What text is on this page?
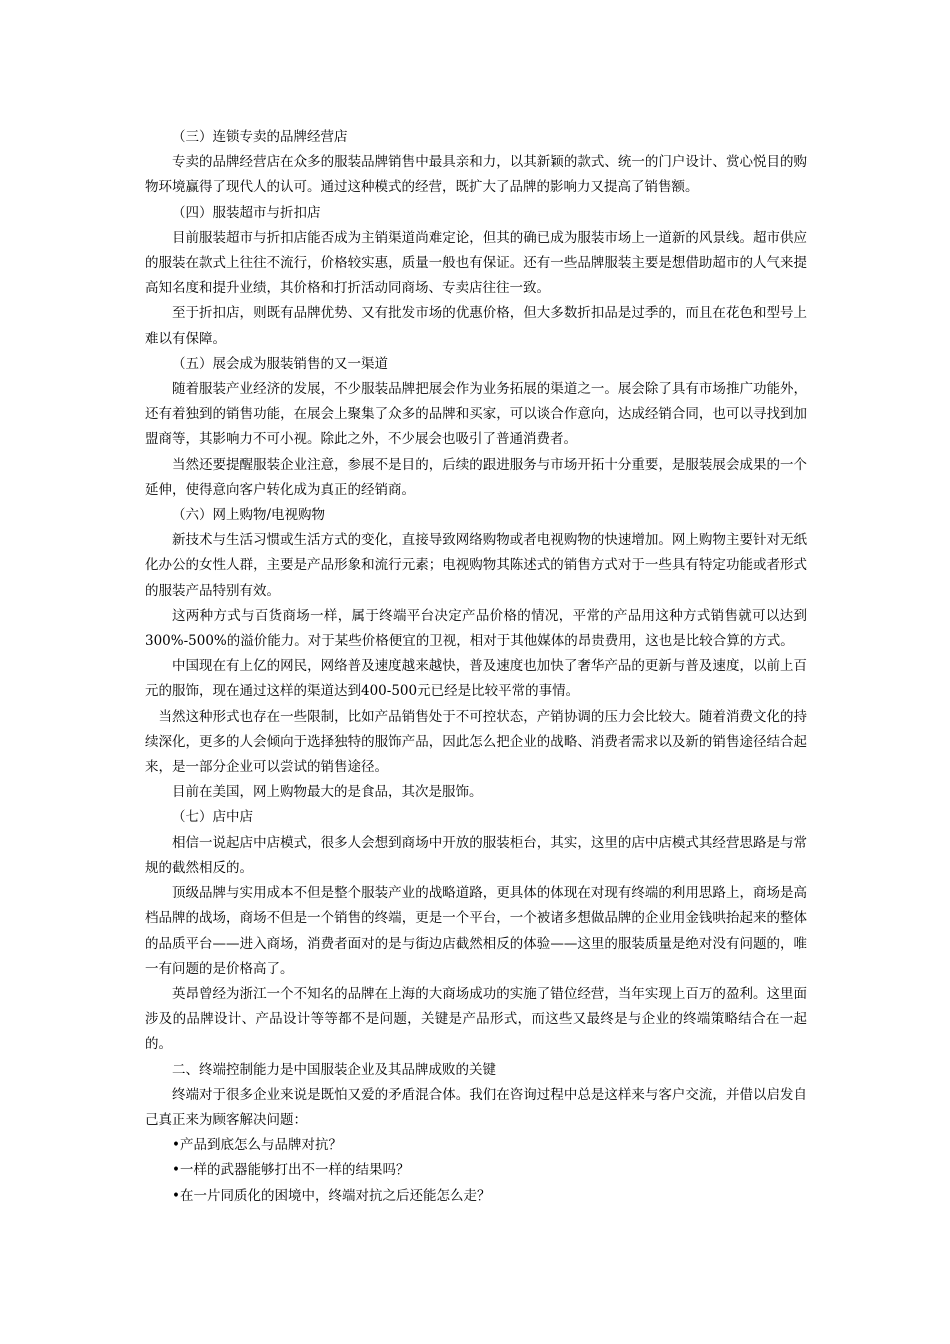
（三）连锁专卖的品牌经营店

专卖的品牌经营店在众多的服装品牌销售中最具亲和力，以其新颖的款式、统一的门户设计、赏心悦目的购物环境赢得了现代人的认可。通过这种模式的经营，既扩大了品牌的影响力又提高了销售额。

（四）服装超市与折扣店

目前服装超市与折扣店能否成为主销渠道尚难定论，但其的确已成为服装市场上一道新的风景线。超市供应的服装在款式上往往不流行，价格较实惠，质量一般也有保证。还有一些品牌服装主要是想借助超市的人气来提高知名度和提升业绩，其价格和打折活动同商场、专卖店往往一致。

至于折扣店，则既有品牌优势、又有批发市场的优惠价格，但大多数折扣品是过季的，而且在花色和型号上难以有保障。

（五）展会成为服装销售的又一渠道

随着服装产业经济的发展，不少服装品牌把展会作为业务拓展的渠道之一。展会除了具有市场推广功能外，还有着独到的销售功能，在展会上聚集了众多的品牌和买家，可以谈合作意向，达成经销合同，也可以寻找到加盟商等，其影响力不可小视。除此之外，不少展会也吸引了普通消费者。

当然还要提醒服装企业注意，参展不是目的，后续的跟进服务与市场开拓十分重要，是服装展会成果的一个延伸，使得意向客户转化成为真正的经销商。

（六）网上购物/电视购物

新技术与生活习惯或生活方式的变化，直接导致网络购物或者电视购物的快速增加。网上购物主要针对无纸化办公的女性人群，主要是产品形象和流行元素；电视购物其陈述式的销售方式对于一些具有特定功能或者形式的服装产品特别有效。

这两种方式与百货商场一样，属于终端平台决定产品价格的情况，平常的产品用这种方式销售就可以达到300%-500%的溢价能力。对于某些价格便宜的卫视，相对于其他媒体的昂贵费用，这也是比较合算的方式。

中国现在有上亿的网民，网络普及速度越来越快，普及速度也加快了奢华产品的更新与普及速度，以前上百元的服饰，现在通过这样的渠道达到400-500元已经是比较平常的事情。

当然这种形式也存在一些限制，比如产品销售处于不可控状态，产销协调的压力会比较大。随着消费文化的持续深化，更多的人会倾向于选择独特的服饰产品，因此怎么把企业的战略、消费者需求以及新的销售途径结合起来，是一部分企业可以尝试的销售途径。

目前在美国，网上购物最大的是食品，其次是服饰。

（七）店中店

相信一说起店中店模式，很多人会想到商场中开放的服装柜台，其实，这里的店中店模式其经营思路是与常规的截然相反的。

顶级品牌与实用成本不但是整个服装产业的战略道路，更具体的体现在对现有终端的利用思路上，商场是高档品牌的战场，商场不但是一个销售的终端，更是一个平台，一个被诸多想做品牌的企业用金钱哄抬起来的整体的品质平台——进入商场，消费者面对的是与街边店截然相反的体验——这里的服装质量是绝对没有问题的，唯一有问题的是价格高了。

英昂曾经为浙江一个不知名的品牌在上海的大商场成功的实施了错位经营，当年实现上百万的盈利。这里面涉及的品牌设计、产品设计等等都不是问题，关键是产品形式，而这些又最终是与企业的终端策略结合在一起的。

二、终端控制能力是中国服装企业及其品牌成败的关键

终端对于很多企业来说是既怕又爱的矛盾混合体。我们在咨询过程中总是这样来与客户交流，并借以启发自己真正来为顾客解决问题：

•产品到底怎么与品牌对抗？

•一样的武器能够打出不一样的结果吗？

•在一片同质化的困境中，终端对抗之后还能怎么走？
